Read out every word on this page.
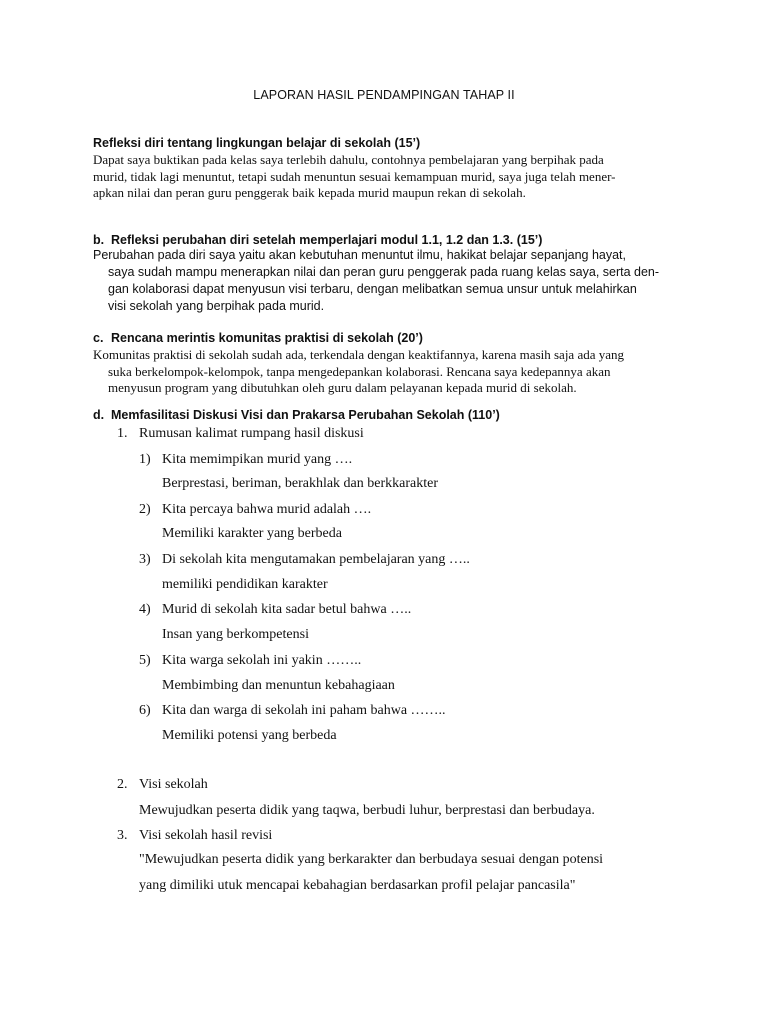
LAPORAN HASIL PENDAMPINGAN TAHAP II
Refleksi diri tentang lingkungan belajar di sekolah (15’)
Dapat saya buktikan pada kelas saya terlebih dahulu, contohnya pembelajaran yang berpihak pada
murid, tidak lagi menuntut, tetapi sudah menuntun sesuai kemampuan murid, saya juga telah mener-
apkan nilai dan peran guru penggerak baik kepada murid maupun rekan di sekolah.
b. Refleksi perubahan diri setelah memperlajari modul 1.1, 1.2 dan 1.3. (15’)
Perubahan pada diri saya yaitu akan kebutuhan menuntut ilmu, hakikat belajar sepanjang hayat,
saya sudah mampu menerapkan nilai dan peran guru penggerak pada ruang kelas saya, serta den-
gan kolaborasi dapat menyusun visi terbaru, dengan melibatkan semua unsur untuk melahirkan
visi sekolah yang berpihak pada murid.
c. Rencana merintis komunitas praktisi di sekolah (20’)
Komunitas praktisi di sekolah sudah ada, terkendala dengan keaktifannya, karena masih saja ada yang
suka berkelompok-kelompok, tanpa mengedepankan kolaborasi. Rencana saya kedepannya akan
menyusun program yang dibutuhkan oleh guru dalam pelayanan kepada murid di sekolah.
d. Memfasilitasi Diskusi Visi dan Prakarsa Perubahan Sekolah (110’)
1. Rumusan kalimat rumpang hasil diskusi
1) Kita memimpikan murid yang ….
Berprestasi, beriman, berakhlak dan berkkarakter
2) Kita percaya bahwa murid adalah ….
Memiliki karakter yang berbeda
3) Di sekolah kita mengutamakan pembelajaran yang …..
memiliki pendidikan karakter
4) Murid di sekolah kita sadar betul bahwa …..
Insan yang berkompetensi
5) Kita warga sekolah ini yakin ……..
Membimbing dan menuntun kebahagiaan
6) Kita dan warga di sekolah ini paham bahwa ……..
Memiliki potensi yang berbeda
2. Visi sekolah
Mewujudkan peserta didik yang taqwa, berbudi luhur, berprestasi dan berbudaya.
3. Visi sekolah hasil revisi
"Mewujudkan peserta didik yang berkarakter dan berbudaya sesuai dengan potensi
yang dimiliki utuk mencapai kebahagian berdasarkan profil pelajar pancasila"
